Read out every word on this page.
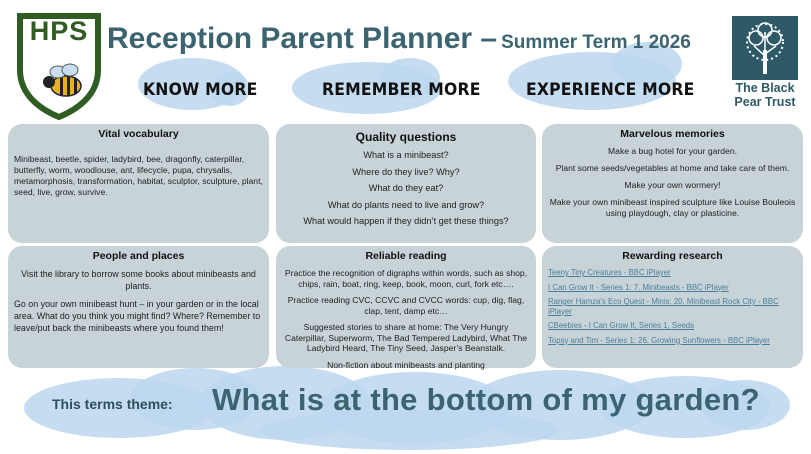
HPS Reception Parent Planner – Summer Term 1 2026
KNOW MORE	REMEMBER MORE	EXPERIENCE MORE	The Black
Pear Trust
Vital vocabulary

Minibeast, beetle, spider, ladybird, bee, dragonfly, caterpillar, butterfly, worm, woodlouse, ant, lifecycle, pupa, chrysalis, metamorphosis, transformation, habitat, sculptor, sculpture, plant, seed, live, grow, survive.

Quality questions

What is a minibeast?

Where do they live? Why?

What do they eat?

What do plants need to live and grow?

What would happen if they didn’t get these things?

Marvelous memories

Make a bug hotel for your garden.

Plant some seeds/vegetables at home and take care of them.

Make your own wormery!

Make your own minibeast inspired sculpture like Louise Bouleois using playdough, clay or plasticine.

People and places

Visit the library to borrow some books about minibeasts and plants.

Go on your own minibeast hunt – in your garden or in the local area. What do you think you might find? Where? Remember to leave/put back the minibeasts where you found them!

Reliable reading

Practice the recognition of digraphs within words, such as shop, chips, rain, boat, ring, keep, book, moon, curl, fork etc….

Practice reading CVC, CCVC and CVCC words: cup, dig, flag, clap, tent, damp etc…

Suggested stories to share at home: The Very Hungry Caterpillar, Superworm, The Bad Tempered Ladybird, What The Ladybird Heard, The Tiny Seed, Jasper’s Beanstalk.

Non-fiction about minibeasts and planting

Rewarding research
Teeny Tiny Creatures - BBC iPlayer
I Can Grow It - Series 1: 7. Minibeasts - BBC iPlayer
Ranger Hamza's Eco Quest - Minis: 20. Minibeast Rock City - BBC iPlayer
CBeebies - I Can Grow It, Series 1, Seeds
Topsy and Tim - Series 1: 26. Growing Sunflowers - BBC iPlayer
This terms theme: What is at the bottom of my garden?
